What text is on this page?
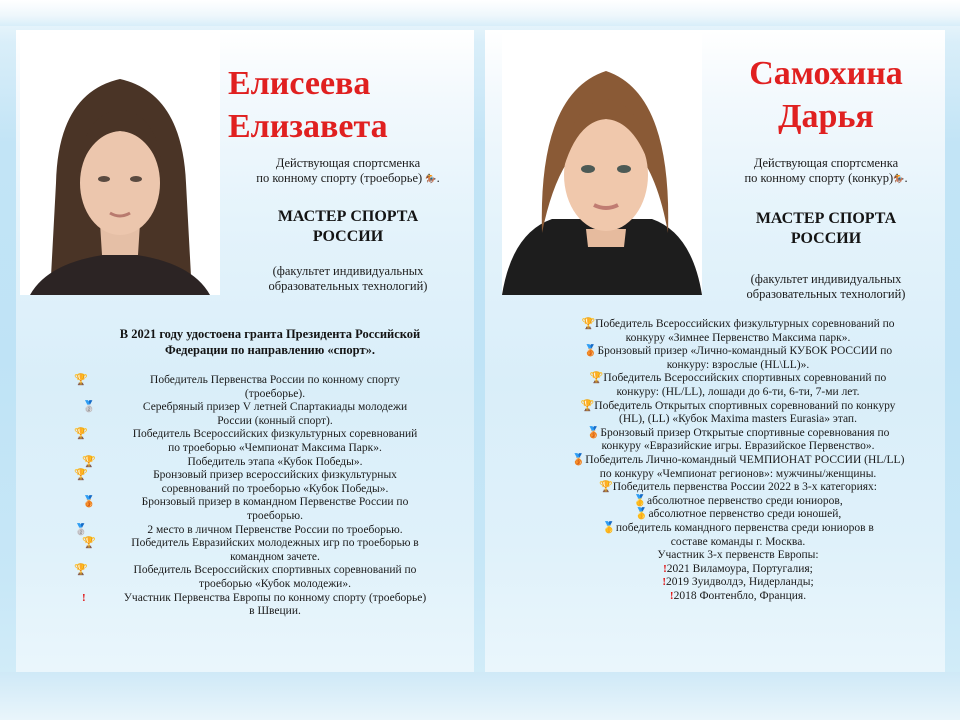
Елисеева
Елизавета
Самохина
Дарья
Действующая спортсменка
по конному спорту (троеборье) 🏇.
МАСТЕР СПОРТА
РОССИИ
(факультет индивидуальных
образовательных технологий)
Действующая спортсменка
по конному спорту (конкур)🏇.
МАСТЕР СПОРТА
РОССИИ
(факультет индивидуальных
образовательных технологий)
В 2021 году удостоена гранта Президента Российской
Федерации по направлению «спорт».
🏆	Победитель Первенства России по конному спорту
(троеборье).
🥈	Серебряный призер V летней Спартакиады молодежи
России (конный спорт).
🏆	Победитель Всероссийских физкультурных соревнований
по троеборью «Чемпионат Максима Парк».
🏆	Победитель этапа «Кубок Победы».
🏆	Бронзовый призер всероссийских физкультурных
соревнований по троеборью «Кубок Победы».
🥉	Бронзовый призер в командном Первенстве России по
троеборью.
🥈	2 место в личном Первенстве России по троеборью.
🏆	Победитель Евразийских молодежных игр по троеборью в
командном зачете.
🏆	Победитель Всероссийских спортивных соревнований по
троеборью «Кубок молодежи».
!	Участник Первенства Европы по конному спорту (троеборье)
в Швеции.
🏆Победитель Всероссийских физкультурных соревнований по
конкуру «Зимнее Первенство Максима парк».
🥉Бронзовый призер «Лично-командный КУБОК РОССИИ по
конкуру: взрослые (HL\LL)».
🏆Победитель Всероссийских спортивных соревнований по
конкуру: (HL/LL), лошади до 6-ти, 6-ти, 7-ми лет.
🏆Победитель Открытых спортивных соревнований по конкуру
(HL), (LL) «Кубок Maxima masters Eurasia» этап.
🥉Бронзовый призер Открытые спортивные соревнования по
конкуру «Евразийские игры. Евразийское Первенство».
🥉Победитель Лично-командный ЧЕМПИОНАТ РОССИИ (HL/LL)
по конкуру «Чемпионат регионов»: мужчины/женщины.
🏆Победитель первенства России 2022 в 3-х категориях:
🥇абсолютное первенство среди юниоров,
🥇абсолютное первенство среди юношей,
🥇победитель командного первенства среди юниоров в
составе команды г. Москва.
Участник 3-х первенств Европы:
!2021 Виламоура, Португалия;
!2019 Зуидволдэ, Нидерланды;
!2018 Фонтенбло, Франция.
